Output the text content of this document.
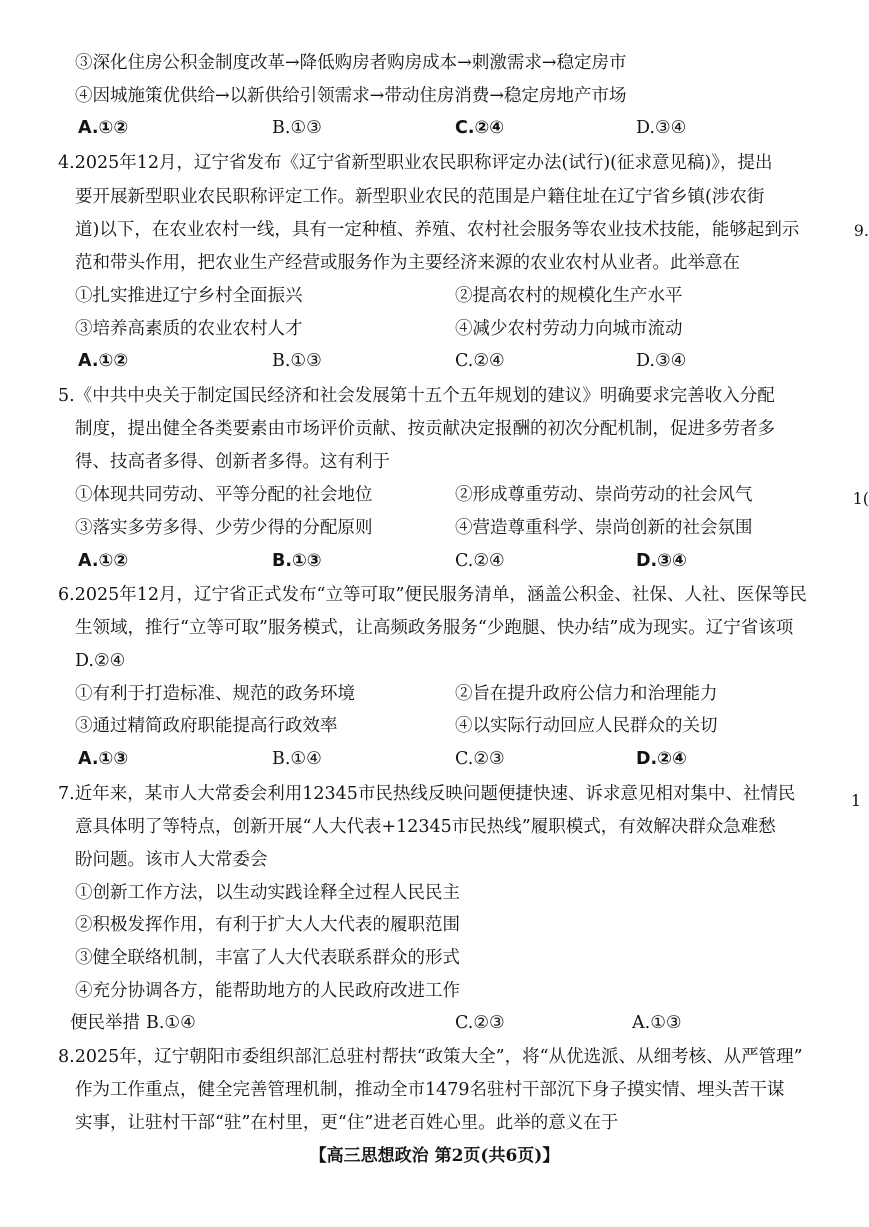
③深化住房公积金制度改革→降低购房者购房成本→刺激需求→稳定房市
④因城施策优供给→以新供给引领需求→带动住房消费→稳定房地产市场
A.①②	B.①③	C.②④	D.③④
4.2025年12月，辽宁省发布《辽宁省新型职业农民职称评定办法(试行)(征求意见稿)》，提出
要开展新型职业农民职称评定工作。新型职业农民的范围是户籍住址在辽宁省乡镇(涉农街
道)以下，在农业农村一线，具有一定种植、养殖、农村社会服务等农业技术技能，能够起到示
范和带头作用，把农业生产经营或服务作为主要经济来源的农业农村从业者。此举意在
①扎实推进辽宁乡村全面振兴	②提高农村的规模化生产水平
③培养高素质的农业农村人才	④减少农村劳动力向城市流动
A.①②	B.①③	C.②④	D.③④
5.《中共中央关于制定国民经济和社会发展第十五个五年规划的建议》明确要求完善收入分配
制度，提出健全各类要素由市场评价贡献、按贡献决定报酬的初次分配机制，促进多劳者多
得、技高者多得、创新者多得。这有利于
①体现共同劳动、平等分配的社会地位	②形成尊重劳动、崇尚劳动的社会风气
③落实多劳多得、少劳少得的分配原则	④营造尊重科学、崇尚创新的社会氛围
A.①②	B.①③	C.②④	D.③④
6.2025年12月，辽宁省正式发布“立等可取”便民服务清单，涵盖公积金、社保、人社、医保等民
生领域，推行“立等可取”服务模式，让高频政务服务“少跑腿、快办结”成为现实。辽宁省该项
D.②④
①有利于打造标准、规范的政务环境	②旨在提升政府公信力和治理能力
③通过精简政府职能提高行政效率	④以实际行动回应人民群众的关切
A.①③	B.①④	C.②③	D.②④
7.近年来，某市人大常委会利用12345市民热线反映问题便捷快速、诉求意见相对集中、社情民
意具体明了等特点，创新开展“人大代表+12345市民热线”履职模式，有效解决群众急难愁
盼问题。该市人大常委会
①创新工作方法，以生动实践诠释全过程人民民主
②积极发挥作用，有利于扩大人大代表的履职范围
③健全联络机制，丰富了人大代表联系群众的形式
④充分协调各方，能帮助地方的人民政府改进工作
便民举措 B.①④	C.②③	A.①③
8.2025年，辽宁朝阳市委组织部汇总驻村帮扶“政策大全”，将“从优选派、从细考核、从严管理”
作为工作重点，健全完善管理机制，推动全市1479名驻村干部沉下身子摸实情、埋头苦干谋
实事，让驻村干部“驻”在村里，更“住”进老百姓心里。此举的意义在于
9.
1(
1
【高三思想政治 第2页(共6页)】
